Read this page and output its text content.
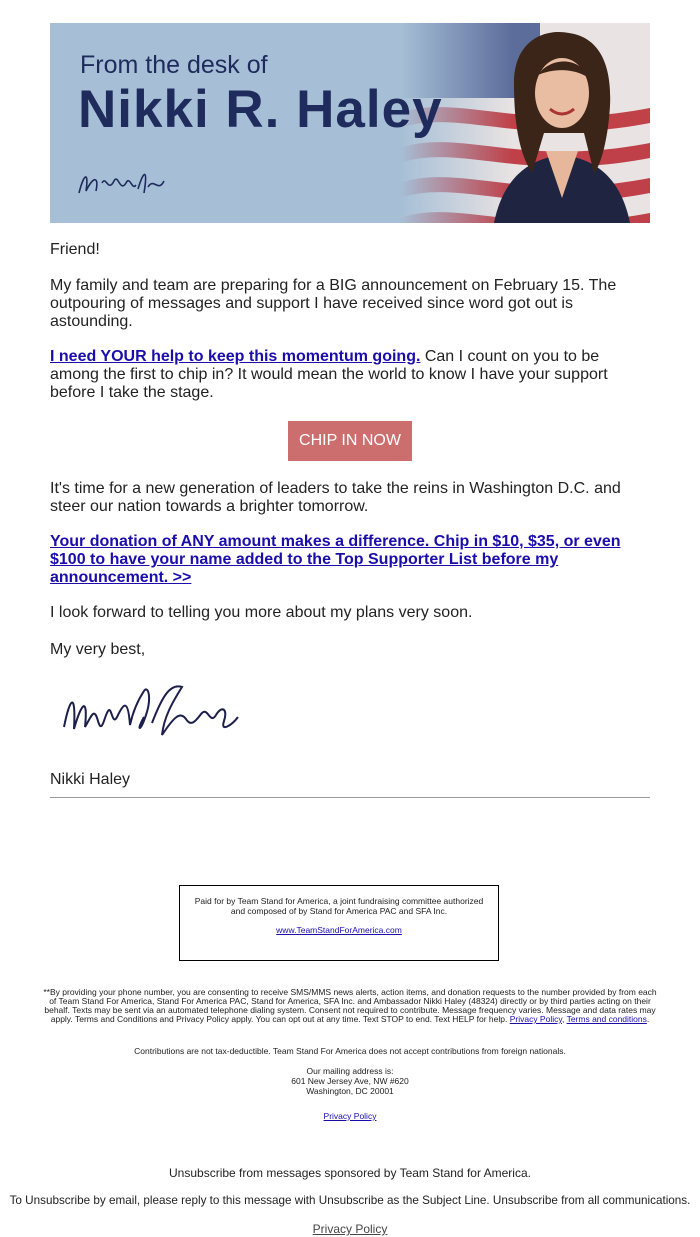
From the desk of
Nikki R. Haley
Friend!
My family and team are preparing for a BIG announcement on February 15. The outpouring of messages and support I have received since word got out is astounding.
I need YOUR help to keep this momentum going. Can I count on you to be among the first to chip in? It would mean the world to know I have your support before I take the stage.
CHIP IN NOW
It's time for a new generation of leaders to take the reins in Washington D.C. and steer our nation towards a brighter tomorrow.
Your donation of ANY amount makes a difference. Chip in $10, $35, or even $100 to have your name added to the Top Supporter List before my announcement. >>
I look forward to telling you more about my plans very soon.
My very best,
Nikki Haley
Paid for by Team Stand for America, a joint fundraising committee authorized and composed of by Stand for America PAC and SFA Inc.
www.TeamStandForAmerica.com
**By providing your phone number, you are consenting to receive SMS/MMS news alerts, action items, and donation requests to the number provided by from each of Team Stand For America, Stand For America PAC, Stand for America, SFA Inc. and Ambassador Nikki Haley (48324) directly or by third parties acting on their behalf. Texts may be sent via an automated telephone dialing system. Consent not required to contribute. Message frequency varies. Message and data rates may apply. Terms and Conditions and Privacy Policy apply. You can opt out at any time. Text STOP to end. Text HELP for help. Privacy Policy, Terms and conditions.
Contributions are not tax-deductible. Team Stand For America does not accept contributions from foreign nationals.
Our mailing address is:
601 New Jersey Ave, NW #620
Washington, DC 20001
Privacy Policy
Unsubscribe from messages sponsored by Team Stand for America.
To Unsubscribe by email, please reply to this message with Unsubscribe as the Subject Line. Unsubscribe from all communications.
Privacy Policy
